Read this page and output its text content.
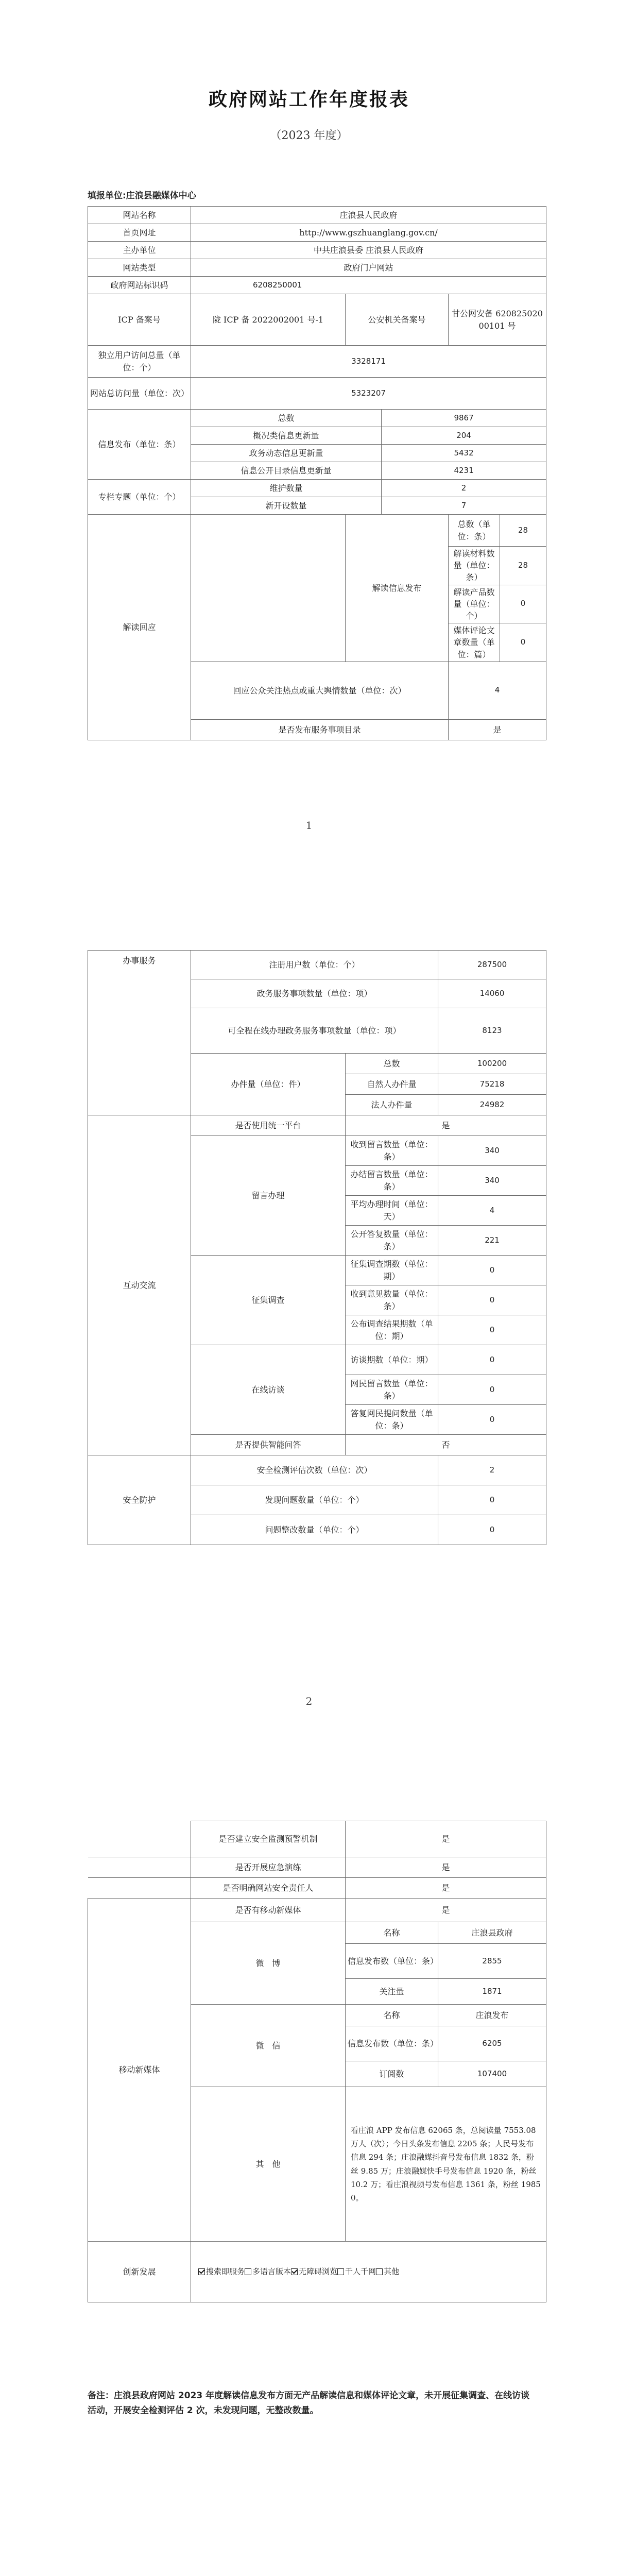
政府网站工作年度报表
（2023 年度）
填报单位:庄浪县融媒体中心
网站名称	庄浪县人民政府				
首页网址	http://www.gszhuanglang.gov.cn/				
主办单位	中共庄浪县委 庄浪县人民政府				
网站类型	政府门户网站				
政府网站标识码	6208250001				
ICP 备案号	陇 ICP 备 2022002001 号-1	公安机关备案号		甘公网安备 62082502000101 号	
独立用户访问总量（单位：个）	3328171				
网站总访问量（单位：次）	5323207				
信息发布（单位：条）	总数		9867		
	概况类信息更新量		204		
	政务动态信息更新量		5432		
	信息公开目录信息更新量		4231		
专栏专题（单位：个）	维护数量		2		
	新开设数量		7		
解读回应		解读信息发布		总数（单位：条）	28
				解读材料数量（单位：条）	28
				解读产品数量（单位：个）	0
				媒体评论文章数量（单位：篇）	0
	回应公众关注热点或重大舆情数量（单位：次）			4	
	是否发布服务事项目录			是	
1
办事服务	注册用户数（单位：个）		287500
	政务服务事项数量（单位：项）		14060
	可全程在线办理政务服务事项数量（单位：项）		8123
	办件量（单位：件）	总数	100200
		自然人办件量	75218
		法人办件量	24982
互动交流	是否使用统一平台	是	
	留言办理	收到留言数量（单位：条）	340
		办结留言数量（单位：条）	340
		平均办理时间（单位：天）	4
		公开答复数量（单位：条）	221
	征集调查	征集调查期数（单位：期）	0
		收到意见数量（单位：条）	0
		公布调查结果期数（单位：期）	0
	在线访谈	访谈期数（单位：期）	0
		网民留言数量（单位：条）	0
		答复网民提问数量（单位：条）	0
	是否提供智能问答	否	
安全防护	安全检测评估次数（单位：次）		2
	发现问题数量（单位：个）		0
	问题整改数量（单位：个）		0
2
	是否建立安全监测预警机制	是	
	是否开展应急演练	是	
	是否明确网站安全责任人	是	
移动新媒体	是否有移动新媒体	是	
	微　博	名称	庄浪县政府
		信息发布数（单位：条）	2855
		关注量	1871
	微　信	名称	庄浪发布
		信息发布数（单位：条）	6205
		订阅数	107400
	其　他	看庄浪 APP 发布信息 62065 条，总阅读量 7553.08 万人（次）；今日头条发布信息 2205 条；人民号发布信息 294 条；庄浪融媒抖音号发布信息 1832 条，粉丝 9.85 万；庄浪融媒快手号发布信息 1920 条，粉丝 10.2 万；看庄浪视频号发布信息 1361 条，粉丝 19850。	
创新发展	搜索即服务 多语言版本 无障碍浏览 千人千网 其他		
备注：庄浪县政府网站 2023 年度解读信息发布方面无产品解读信息和媒体评论文章，未开展征集调查、在线访谈活动，开展安全检测评估 2 次，未发现问题，无整改数量。
